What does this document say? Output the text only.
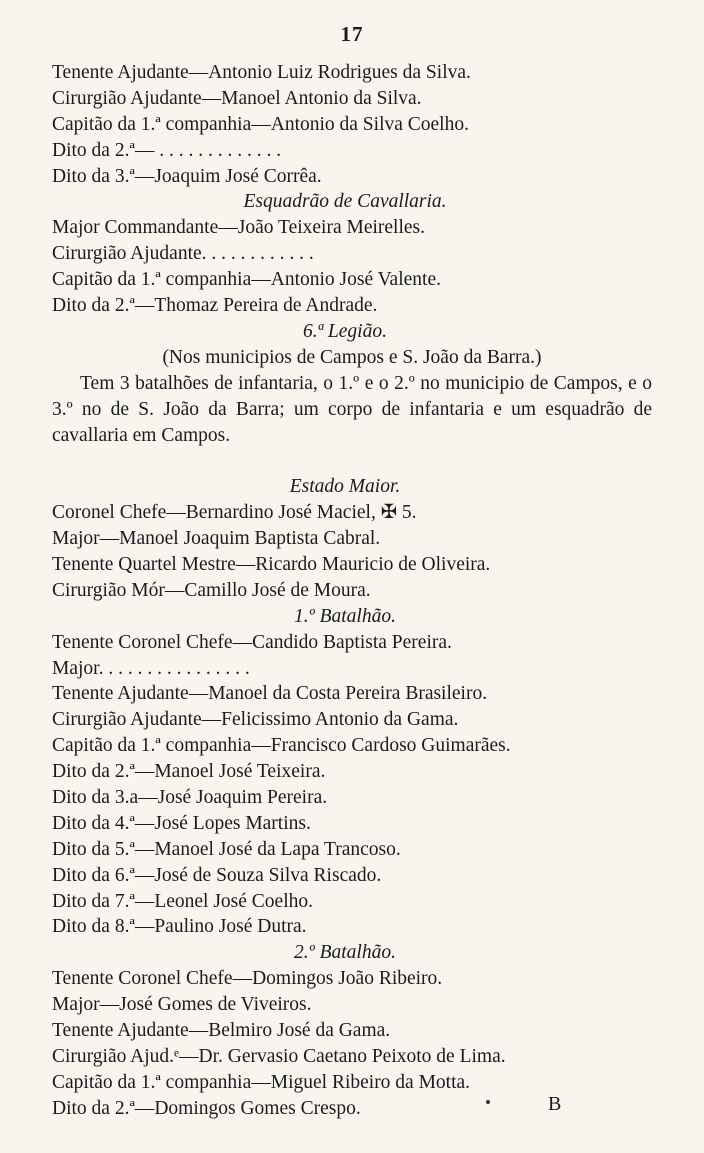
17
Tenente Ajudante—Antonio Luiz Rodrigues da Silva.
Cirurgião Ajudante—Manoel Antonio da Silva.
Capitão da 1.ª companhia—Antonio da Silva Coelho.
Dito da 2.ª— . . . . . . . . . . . . .
Dito da 3.ª—Joaquim José Corrêa.
Esquadrão de Cavallaria.
Major Commandante—João Teixeira Meirelles.
Cirurgião Ajudante. . . . . . . . . . . .
Capitão da 1.ª companhia—Antonio José Valente.
Dito da 2.ª—Thomaz Pereira de Andrade.
6.ª Legião.
(Nos municipios de Campos e S. João da Barra.)
Tem 3 batalhões de infantaria, o 1.º e o 2.º no municipio de Campos, e o 3.º no de S. João da Barra; um corpo de infantaria e um esquadrão de cavallaria em Campos.
Estado Maior.
Coronel Chefe—Bernardino José Maciel, ✠ 5.
Major—Manoel Joaquim Baptista Cabral.
Tenente Quartel Mestre—Ricardo Mauricio de Oliveira.
Cirurgião Mór—Camillo José de Moura.
1.º Batalhão.
Tenente Coronel Chefe—Candido Baptista Pereira.
Major. . . . . . . . . . . . . . . .
Tenente Ajudante—Manoel da Costa Pereira Brasileiro.
Cirurgião Ajudante—Felicissimo Antonio da Gama.
Capitão da 1.ª companhia—Francisco Cardoso Guimarães.
Dito da 2.ª—Manoel José Teixeira.
Dito da 3.a—José Joaquim Pereira.
Dito da 4.ª—José Lopes Martins.
Dito da 5.ª—Manoel José da Lapa Trancoso.
Dito da 6.ª—José de Souza Silva Riscado.
Dito da 7.ª—Leonel José Coelho.
Dito da 8.ª—Paulino José Dutra.
2.º Batalhão.
Tenente Coronel Chefe—Domingos João Ribeiro.
Major—José Gomes de Viveiros.
Tenente Ajudante—Belmiro José da Gama.
Cirurgião Ajud.ᵉ—Dr. Gervasio Caetano Peixoto de Lima.
Capitão da 1.ª companhia—Miguel Ribeiro da Motta.
Dito da 2.ª—Domingos Gomes Crespo.	B
